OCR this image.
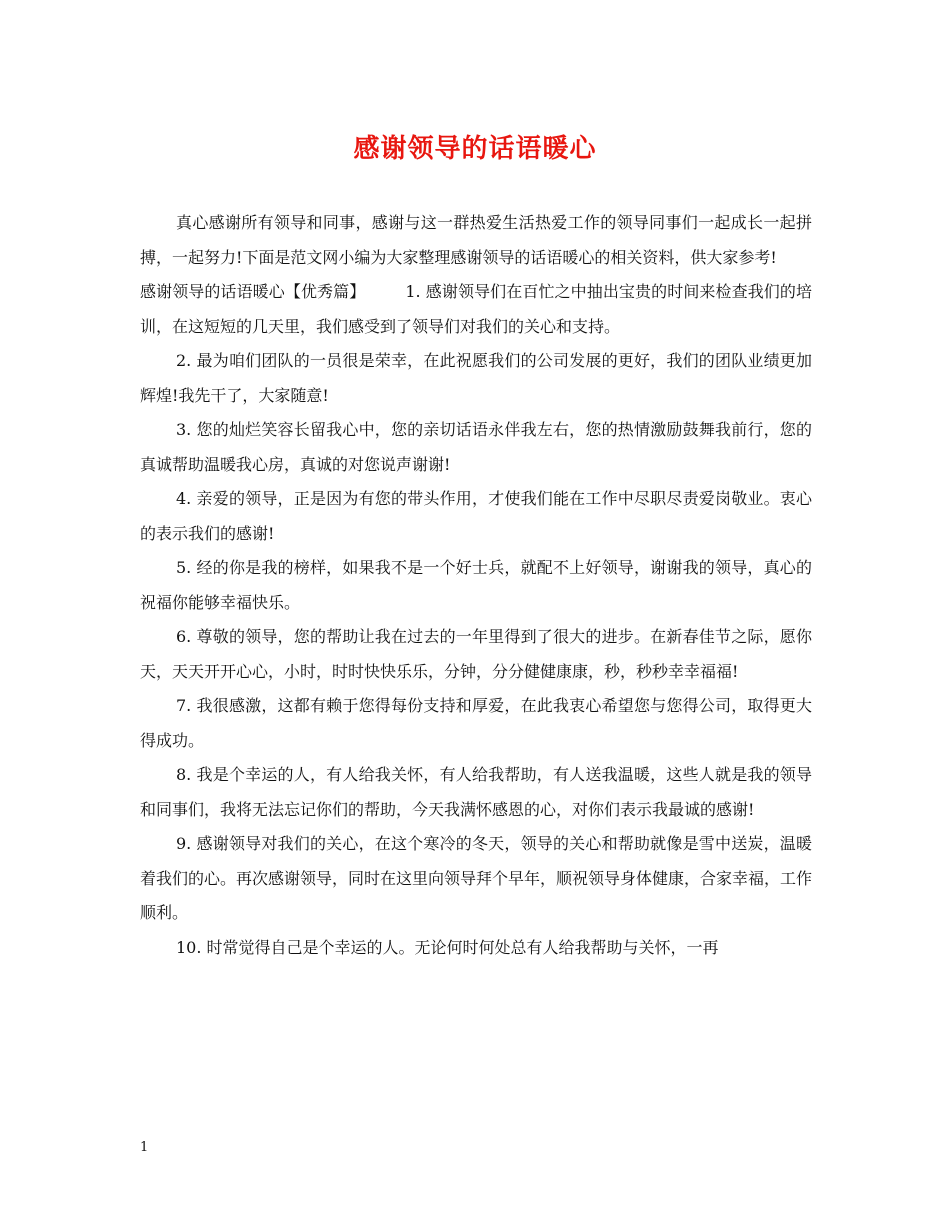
感谢领导的话语暖心

真心感谢所有领导和同事，感谢与这一群热爱生活热爱工作的领导同事们一起成长一起拼搏，一起努力!下面是范文网小编为大家整理感谢领导的话语暖心的相关资料，供大家参考!

感谢领导的话语暖心【优秀篇】	1. 感谢领导们在百忙之中抽出宝贵的时间来检查我们的培训，在这短短的几天里，我们感受到了领导们对我们的关心和支持。

2. 最为咱们团队的一员很是荣幸，在此祝愿我们的公司发展的更好，我们的团队业绩更加辉煌!我先干了，大家随意!

3. 您的灿烂笑容长留我心中，您的亲切话语永伴我左右，您的热情激励鼓舞我前行，您的真诚帮助温暖我心房，真诚的对您说声谢谢!

4. 亲爱的领导，正是因为有您的带头作用，才使我们能在工作中尽职尽责爱岗敬业。衷心的表示我们的感谢!

5. 经的你是我的榜样，如果我不是一个好士兵，就配不上好领导，谢谢我的领导，真心的祝福你能够幸福快乐。

6. 尊敬的领导，您的帮助让我在过去的一年里得到了很大的进步。在新春佳节之际，愿你天，天天开开心心，小时，时时快快乐乐，分钟，分分健健康康，秒，秒秒幸幸福福!

7. 我很感激，这都有赖于您得每份支持和厚爱，在此我衷心希望您与您得公司，取得更大得成功。

8. 我是个幸运的人，有人给我关怀，有人给我帮助，有人送我温暖，这些人就是我的领导和同事们，我将无法忘记你们的帮助，今天我满怀感恩的心，对你们表示我最诚的感谢!

9. 感谢领导对我们的关心，在这个寒冷的冬天，领导的关心和帮助就像是雪中送炭，温暖着我们的心。再次感谢领导，同时在这里向领导拜个早年，顺祝领导身体健康，合家幸福，工作顺利。

10. 时常觉得自己是个幸运的人。无论何时何处总有人给我帮助与关怀，一再

1
